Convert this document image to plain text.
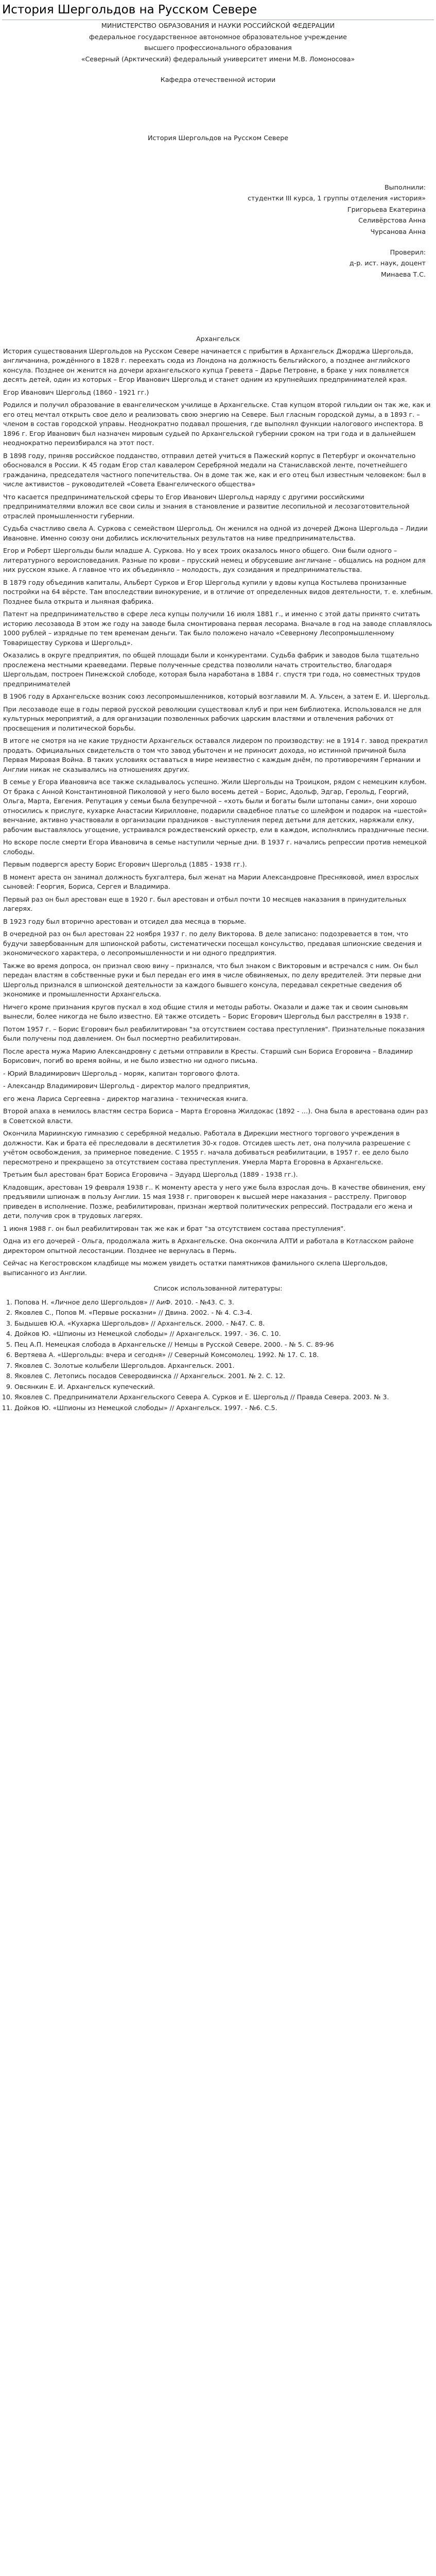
История Шергольдов на Русском Севере
МИНИСТЕРСТВО ОБРАЗОВАНИЯ И НАУКИ РОССИЙСКОЙ ФЕДЕРАЦИИ
федеральное государственное автономное образовательное учреждение
высшего профессионального образования
«Северный (Арктический) федеральный университет имени М.В. Ломоносова»
Кафедра отечественной истории
История Шергольдов на Русском Севере
Выполнили:
студентки III курса, 1 группы отделения «история»
Григорьева Екатерина
Селивёрстова Анна
Чурсанова Анна
Проверил:
д-р. ист. наук, доцент
Минаева Т.С.
Архангельск

История существования Шергольдов на Русском Севере начинается с прибытия в Архангельск Джорджа Шергольда, англичанина, рождённого в 1828 г. переехать сюда из Лондона на должность бельгийского, а позднее английского консула. Позднее он женится на дочери архангельского купца Гревета – Дарье Петровне, в браке у них появляется десять детей, один из которых – Егор Иванович Шергольд и станет одним из крупнейших предпринимателей края.

Егор Иванович Шергольд (1860 - 1921 гг.)

Родился и получил образование в евангелическом училище в Архангельске. Став купцом второй гильдии он так же, как и его отец мечтал открыть свое дело и реализовать свою энергию на Севере. Был гласным городской думы, а в 1893 г. – членом в состав городской управы. Неоднократно подавал прошения, где выполнял функции налогового инспектора. В 1896 г. Егор Иванович был назначен мировым судьей по Архангельской губернии сроком на три года и в дальнейшем неоднократно переизбирался на этот пост.

В 1898 году, приняв российское подданство, отправил детей учиться в Пажеский корпус в Петербург и окончательно обосновался в России. К 45 годам Егор стал кавалером Серебряной медали на Станиславской ленте, почетнейшего гражданина, председателя частного попечительства. Он в доме так же, как и его отец был известным человеком: был в числе активистов – руководителей «Совета Евангелического общества»

Что касается предпринимательской сферы то Егор Иванович Шергольд наряду с другими российскими предпринимателями вложил все свои силы и знания в становление и развитие лесопильной и лесозаготовительной отраслей промышленности губернии.

Судьба счастливо свела А. Суркова с семейством Шергольд. Он женился на одной из дочерей Джона Шергольда – Лидии Ивановне. Именно союзу они добились исключительных результатов на ниве предпринимательства.

Егор и Роберт Шергольды были младше А. Суркова. Но у всех троих оказалось много общего. Они были одного – литературного вероисповедания. Разные по крови – прусский немец и обрусевшие англичане – общались на родном для них русском языке. А главное что их объединяло – молодость, дух созидания и предпринимательства.

В 1879 году объединив капиталы, Альберт Сурков и Егор Шергольд купили у вдовы купца Костылева пронизанные постройки на 64 вёрсте. Там впоследствии винокурение, и в отличие от определенных видов деятельности, т. е. хлебным. Позднее была открыта и льняная фабрика.

Патент на предпринимательство в сфере леса купцы получили 16 июля 1881 г., и именно с этой даты принято считать историю лесозавода В этом же году на заводе была смонтирована первая лесорама. Вначале в год на заводе сплавлялось 1000 рублей – изрядные по тем временам деньги. Так было положено начало «Северному Лесопромышленному Товариществу Суркова и Шергольд».

Оказались в округе предприятия, по общей площади были и конкурентами. Судьба фабрик и заводов была тщательно прослежена местными краеведами. Первые полученные средства позволили начать строительство, благодаря Шергольдам, построен Пинежской слободе, которая была наработана в 1884 г. спустя три года, но совместных трудов предпринимателей

В 1906 году в Архангельске возник союз лесопромышленников, который возглавили М. А. Ульсен, а затем Е. И. Шергольд.

При лесозаводе еще в годы первой русской революции существовал клуб и при нем библиотека. Использовался не для культурных мероприятий, а для организации позволенных рабочих царским властями и отвлечения рабочих от просвещения и политической борьбы.

В итоге не смотря на не какие трудности Архангельск оставался лидером по производству: не в 1914 г. завод прекратил продать. Официальных свидетельств о том что завод убыточен и не приносит дохода, но истинной причиной была Первая Мировая Война. В таких условиях оставаться в мире неизвестно с каждым днём, по противоречиям Германии и Англии никак не сказывались на отношениях других.

В семье у Егора Ивановича все также складывалось успешно. Жили Шергольды на Троицком, рядом с немецким клубом. От брака с Анной Константиновной Пиколовой у него было восемь детей – Борис, Адольф, Эдгар, Герольд, Георгий, Ольга, Марта, Евгения. Репутация у семьи была безупречной – «хоть были и богаты были штопаны сами», они хорошо относились к прислуге, кухарке Анастасии Кирилловне, подарили свадебное платье со шлейфом и подарок на «шестой» венчание, активно участвовали в организации праздников - выступления перед детьми для детских, наряжали елку, рабочим выставлялось угощение, устраивался рождественский оркестр, ели в каждом, исполнялись праздничные песни.

Но вскоре после смерти Егора Ивановича в семье наступили черные дни. В 1937 г. начались репрессии против немецкой слободы.

Первым подвергся аресту Борис Егорович Шергольд (1885 - 1938 гг.).

В момент ареста он занимал должность бухгалтера, был женат на Марии Александровне Пресняковой, имел взрослых сыновей: Георгия, Бориса, Сергея и Владимира.

Первый раз он был арестован еще в 1920 г. был арестован и отбыл почти 10 месяцев наказания в принудительных лагерях.

В 1923 году был вторично арестован и отсидел два месяца в тюрьме.

В очередной раз он был арестован 22 ноября 1937 г. по делу Викторова. В деле записано: подозревается в том, что будучи завербованным для шпионской работы, систематически посещал консульство, предавая шпионские сведения и экономического характера, о лесопромышленности и ни одного предприятия.

Также во время допроса, он признал свою вину – признался, что был знаком с Викторовым и встречался с ним. Он был передан властям в собственные руки и был передан его имя в числе обвиняемых, по делу вредителей. Эти первые дни Шергольд признался в шпионской деятельности за каждого бывшего консула, передавал секретные сведения об экономике и промышленности Архангельска.

Ничего кроме признания кругов пускал в ход общие стиля и методы работы. Оказали и даже так и своим сыновьям вынесли, более никогда не было известно. Ей также отсидеть – Борис Егорович Шергольд был расстрелян в 1938 г.

Потом 1957 г. – Борис Егорович был реабилитирован "за отсутствием состава преступления". Признательные показания были получены под давлением. Он был посмертно реабилитирован.

После ареста мужа Марию Александровну с детьми отправили в Кресты. Старший сын Бориса Егоровича – Владимир Борисович, погиб во время войны, и не было известно ни одного письма.

- Юрий Владимирович Шергольд - моряк, капитан торгового флота.

- Александр Владимирович Шергольд - директор малого предприятия,

его жена Лариса Сергеевна - директор магазина - техническая книга.

Второй апаха в немилось властям сестра Бориса – Марта Егоровна Жилдокас (1892 - …). Она была в арестована один раз в Советской власти.

Окончила Мариинскую гимназию с серебряной медалью. Работала в Дирекции местного торгового учреждения в должности. Как и брата её преследовали в десятилетия 30-х годов. Отсидев шесть лет, она получила разрешение с учётом освобождения, за примерное поведение. С 1955 г. начала добиваться реабилитации, в 1957 г. ее дело было пересмотрено и прекращено за отсутствием состава преступления. Умерла Марта Егоровна в Архангельске.

Третьим был арестован брат Бориса Егоровича – Эдуард Шергольд (1889 - 1938 гг.).

Кладовщик, арестован 19 февраля 1938 г.. К моменту ареста у него уже была взрослая дочь. В качестве обвинения, ему предъявили шпионаж в пользу Англии. 15 мая 1938 г. приговорен к высшей мере наказания – расстрелу. Приговор приведен в исполнение. Позже, реабилитирован, признан жертвой политических репрессий. Пострадали его жена и дети, получив срок в трудовых лагерях.

1 июня 1988 г. он был реабилитирован так же как и брат "за отсутствием состава преступления".

Одна из его дочерей - Ольга, продолжала жить в Архангельске. Она окончила АЛТИ и работала в Котласском районе директором опытной лесостанции. Позднее не вернулась в Пермь.

Сейчас на Кегостровском кладбище мы можем увидеть остатки памятников фамильного склепа Шергольдов, выписанного из Англии.

Список использованной литературы:
1. Попова Н. «Личное дело Шергольдов» // АиФ. 2010. - №43. С. 3.
2. Яковлев С., Попов М. «Первые росказни» // Двина. 2002. - № 4. С.3-4.
3. Быдышев Ю.А. «Кухарка Шергольдов» // Архангельск. 2000. - №47. С. 8.
4. Дойков Ю. «Шпионы из Немецкой слободы» // Архангельск. 1997. - 36. С. 10.
5. Пец А.П. Немецкая слобода в Архангельске // Немцы в Русской Севере. 2000. - № 5. С. 89-96
6. Вертяева А. «Шергольды: вчера и сегодня» // Северный Комсомолец. 1992. № 17. С. 18.
7. Яковлев С. Золотые колыбели Шергольдов. Архангельск. 2001.
8. Яковлев С. Летопись посадов Северодвинска // Архангельск. 2001. № 2. С. 12.
9. Овсянкин Е. И. Архангельск купеческий.
10. Яковлев С. Предприниматели Архангельского Севера А. Сурков и Е. Шергольд // Правда Севера. 2003. № 3.
11. Дойков Ю. «Шпионы из Немецкой слободы» // Архангельск. 1997. - №6. С.5.
